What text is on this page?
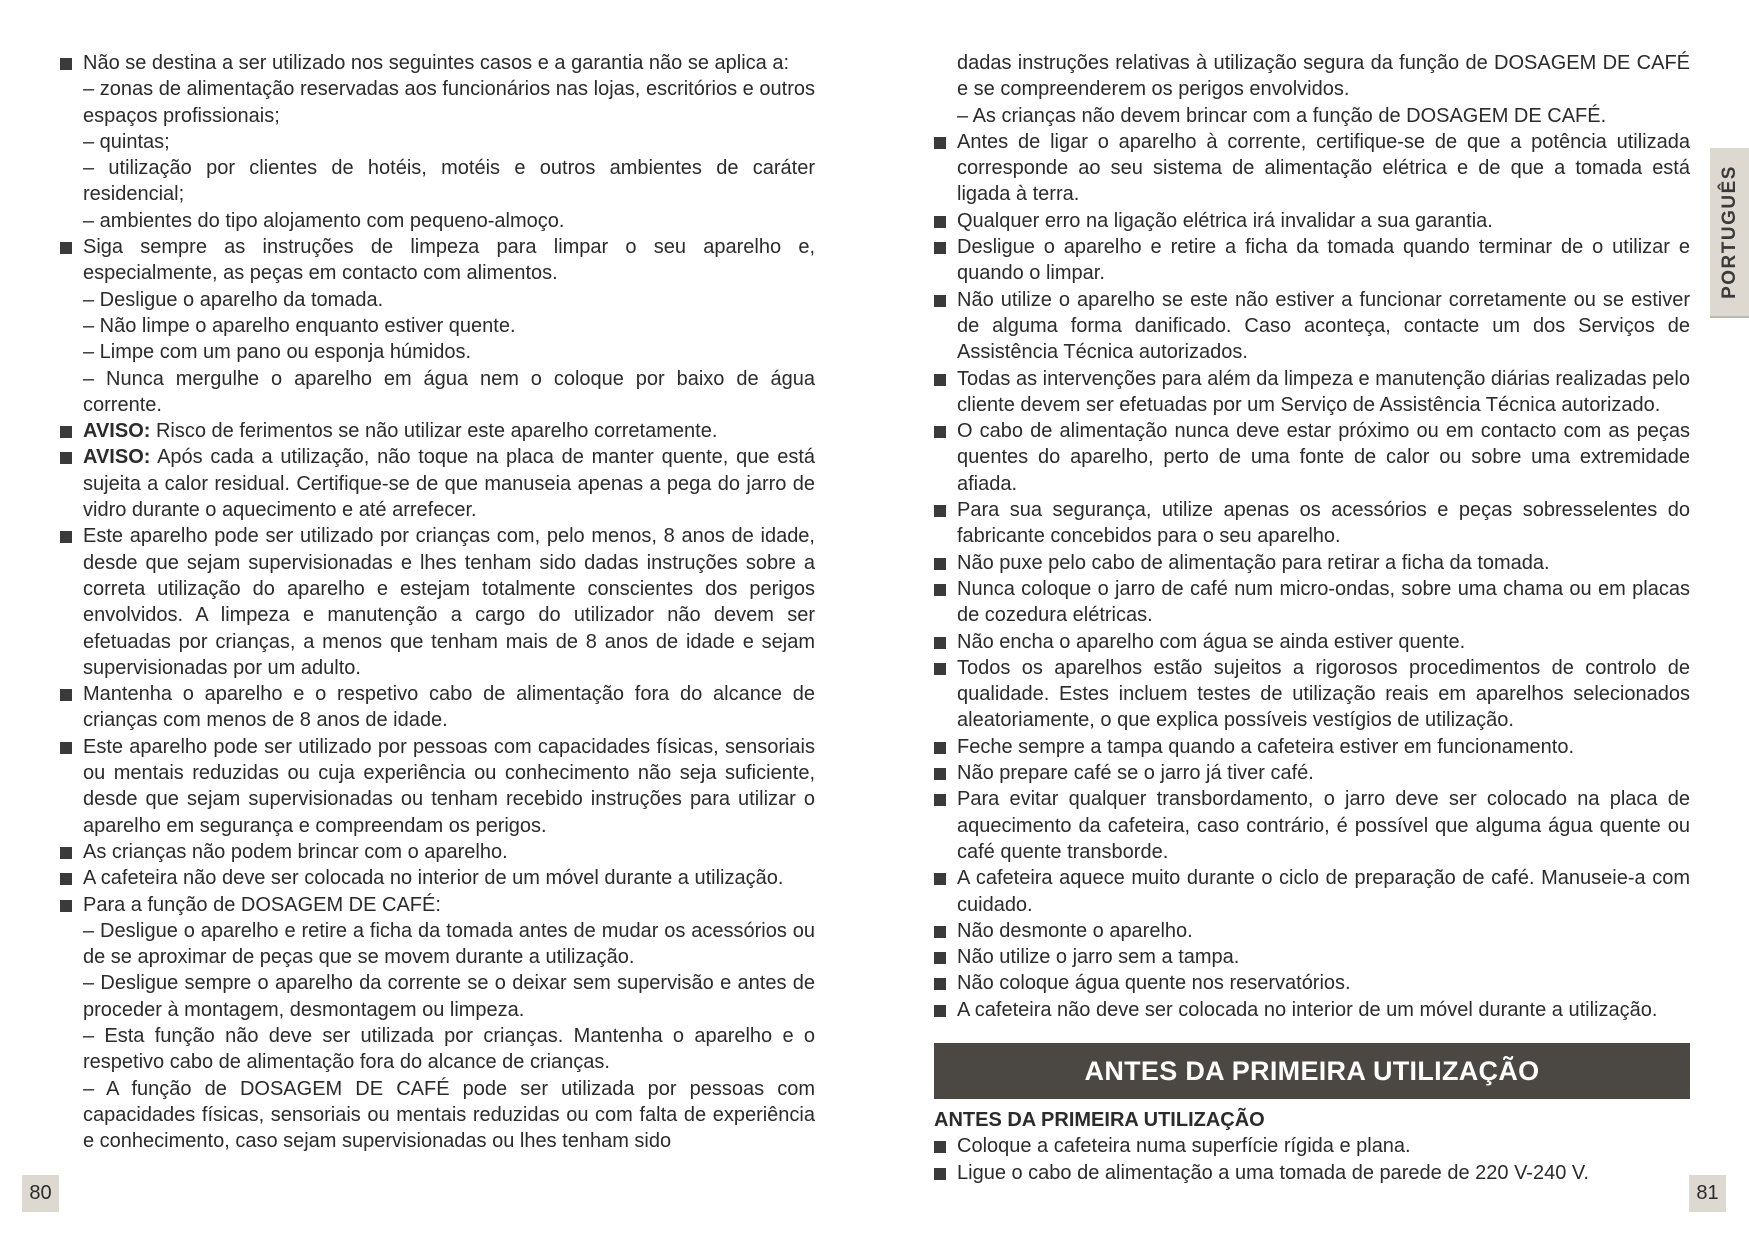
Não se destina a ser utilizado nos seguintes casos e a garantia não se aplica a:
– zonas de alimentação reservadas aos funcionários nas lojas, escritórios e outros espaços profissionais;
– quintas;
– utilização por clientes de hotéis, motéis e outros ambientes de caráter residencial;
– ambientes do tipo alojamento com pequeno-almoço.
Siga sempre as instruções de limpeza para limpar o seu aparelho e, especialmente, as peças em contacto com alimentos.
– Desligue o aparelho da tomada.
– Não limpe o aparelho enquanto estiver quente.
– Limpe com um pano ou esponja húmidos.
– Nunca mergulhe o aparelho em água nem o coloque por baixo de água corrente.
AVISO: Risco de ferimentos se não utilizar este aparelho corretamente.
AVISO: Após cada a utilização, não toque na placa de manter quente, que está sujeita a calor residual. Certifique-se de que manuseia apenas a pega do jarro de vidro durante o aquecimento e até arrefecer.
Este aparelho pode ser utilizado por crianças com, pelo menos, 8 anos de idade, desde que sejam supervisionadas e lhes tenham sido dadas instruções sobre a correta utilização do aparelho e estejam totalmente conscientes dos perigos envolvidos. A limpeza e manutenção a cargo do utilizador não devem ser efetuadas por crianças, a menos que tenham mais de 8 anos de idade e sejam supervisionadas por um adulto.
Mantenha o aparelho e o respetivo cabo de alimentação fora do alcance de crianças com menos de 8 anos de idade.
Este aparelho pode ser utilizado por pessoas com capacidades físicas, sensoriais ou mentais reduzidas ou cuja experiência ou conhecimento não seja suficiente, desde que sejam supervisionadas ou tenham recebido instruções para utilizar o aparelho em segurança e compreendam os perigos.
As crianças não podem brincar com o aparelho.
A cafeteira não deve ser colocada no interior de um móvel durante a utilização.
Para a função de DOSAGEM DE CAFÉ:
– Desligue o aparelho e retire a ficha da tomada antes de mudar os acessórios ou de se aproximar de peças que se movem durante a utilização.
– Desligue sempre o aparelho da corrente se o deixar sem supervisão e antes de proceder à montagem, desmontagem ou limpeza.
– Esta função não deve ser utilizada por crianças. Mantenha o aparelho e o respetivo cabo de alimentação fora do alcance de crianças.
– A função de DOSAGEM DE CAFÉ pode ser utilizada por pessoas com capacidades físicas, sensoriais ou mentais reduzidas ou com falta de experiência e conhecimento, caso sejam supervisionadas ou lhes tenham sido
dadas instruções relativas à utilização segura da função de DOSAGEM DE CAFÉ e se compreenderem os perigos envolvidos.
– As crianças não devem brincar com a função de DOSAGEM DE CAFÉ.
Antes de ligar o aparelho à corrente, certifique-se de que a potência utilizada corresponde ao seu sistema de alimentação elétrica e de que a tomada está ligada à terra.
Qualquer erro na ligação elétrica irá invalidar a sua garantia.
Desligue o aparelho e retire a ficha da tomada quando terminar de o utilizar e quando o limpar.
Não utilize o aparelho se este não estiver a funcionar corretamente ou se estiver de alguma forma danificado. Caso aconteça, contacte um dos Serviços de Assistência Técnica autorizados.
Todas as intervenções para além da limpeza e manutenção diárias realizadas pelo cliente devem ser efetuadas por um Serviço de Assistência Técnica autorizado.
O cabo de alimentação nunca deve estar próximo ou em contacto com as peças quentes do aparelho, perto de uma fonte de calor ou sobre uma extremidade afiada.
Para sua segurança, utilize apenas os acessórios e peças sobresselentes do fabricante concebidos para o seu aparelho.
Não puxe pelo cabo de alimentação para retirar a ficha da tomada.
Nunca coloque o jarro de café num micro-ondas, sobre uma chama ou em placas de cozedura elétricas.
Não encha o aparelho com água se ainda estiver quente.
Todos os aparelhos estão sujeitos a rigorosos procedimentos de controlo de qualidade. Estes incluem testes de utilização reais em aparelhos selecionados aleatoriamente, o que explica possíveis vestígios de utilização.
Feche sempre a tampa quando a cafeteira estiver em funcionamento.
Não prepare café se o jarro já tiver café.
Para evitar qualquer transbordamento, o jarro deve ser colocado na placa de aquecimento da cafeteira, caso contrário, é possível que alguma água quente ou café quente transborde.
A cafeteira aquece muito durante o ciclo de preparação de café. Manuseie-a com cuidado.
Não desmonte o aparelho.
Não utilize o jarro sem a tampa.
Não coloque água quente nos reservatórios.
A cafeteira não deve ser colocada no interior de um móvel durante a utilização.
ANTES DA PRIMEIRA UTILIZAÇÃO
ANTES DA PRIMEIRA UTILIZAÇÃO
Coloque a cafeteira numa superfície rígida e plana.
Ligue o cabo de alimentação a uma tomada de parede de 220 V-240 V.
PORTUGUÊS
80	81
